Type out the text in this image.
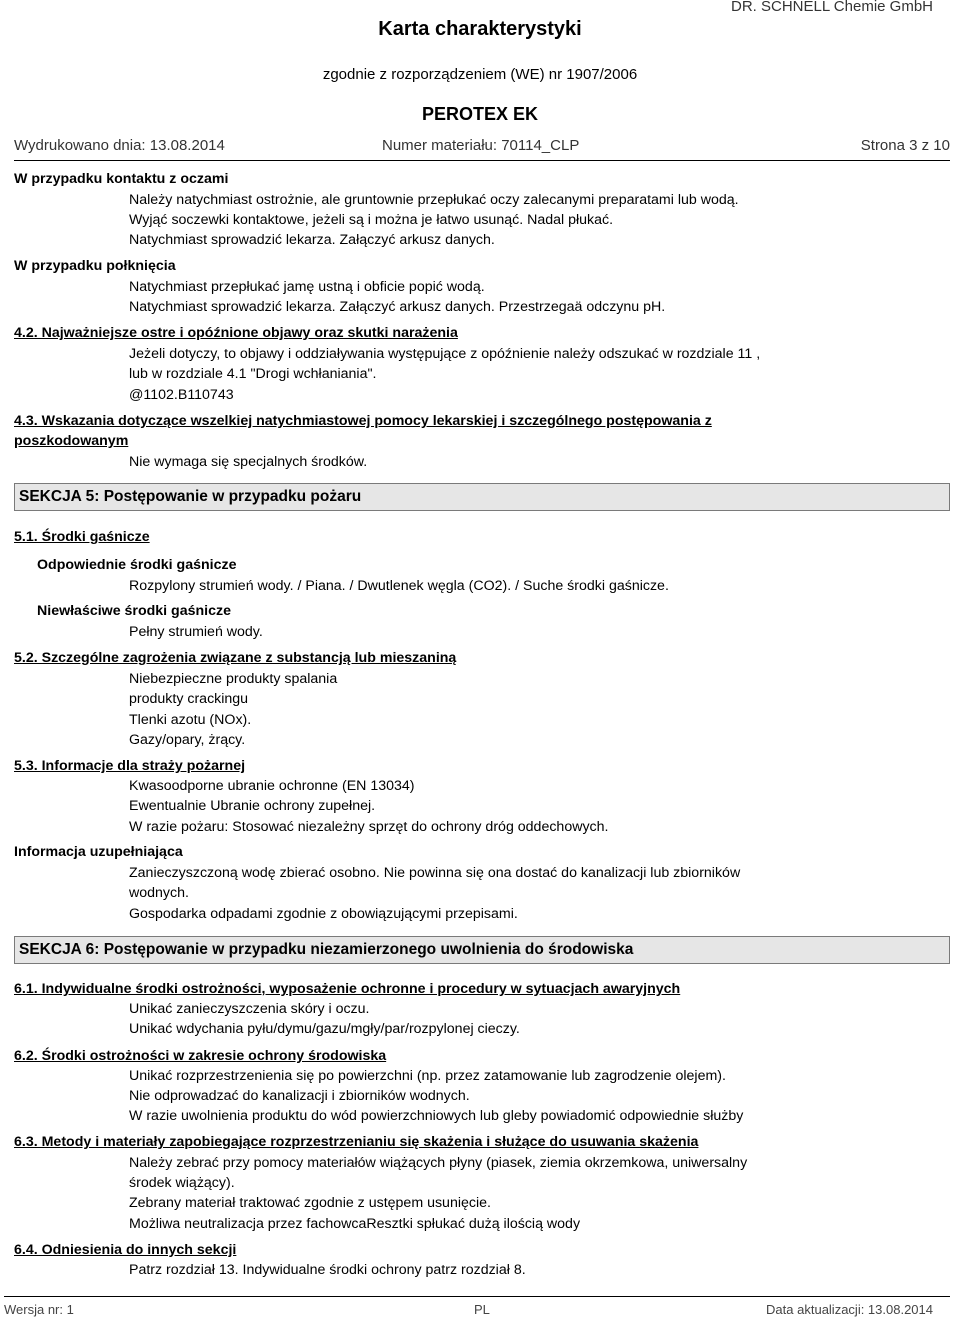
DR. SCHNELL Chemie GmbH
Karta charakterystyki
zgodnie z rozporządzeniem (WE) nr 1907/2006
PEROTEX EK
Wydrukowano dnia: 13.08.2014	Numer materiału: 70114_CLP	Strona 3 z 10
W przypadku kontaktu z oczami
Należy natychmiast ostrożnie, ale gruntownie przepłukać oczy zalecanymi preparatami lub wodą.
Wyjąć soczewki kontaktowe, jeżeli są i można je łatwo usunąć. Nadal płukać.
Natychmiast sprowadzić lekarza. Załączyć arkusz danych.
W przypadku połknięcia
Natychmiast przepłukać jamę ustną i obficie popić wodą.
Natychmiast sprowadzić lekarza. Załączyć arkusz danych. Przestrzegaä odczynu pH.
4.2. Najważniejsze ostre i opóźnione objawy oraz skutki narażenia
Jeżeli dotyczy, to objawy i oddziaływania występujące z opóźnienie należy odszukać w rozdziale 11 ,
lub w rozdziale 4.1 "Drogi wchłaniania".
@1102.B110743
4.3. Wskazania dotyczące wszelkiej natychmiastowej pomocy lekarskiej i szczególnego postępowania z
poszkodowanym
Nie wymaga się specjalnych środków.
SEKCJA 5: Postępowanie w przypadku pożaru
5.1. Środki gaśnicze
Odpowiednie środki gaśnicze
Rozpylony strumień wody. / Piana. / Dwutlenek węgla (CO2). / Suche środki gaśnicze.
Niewłaściwe środki gaśnicze
Pełny strumień wody.
5.2. Szczególne zagrożenia związane z substancją lub mieszaniną
Niebezpieczne produkty spalania
produkty crackingu
Tlenki azotu (NOx).
Gazy/opary, żrący.
5.3. Informacje dla straży pożarnej
Kwasoodporne ubranie ochronne (EN 13034)
Ewentualnie Ubranie ochrony zupełnej.
W razie pożaru: Stosować niezależny sprzęt do ochrony dróg oddechowych.
Informacja uzupełniająca
Zanieczyszczoną wodę zbierać osobno. Nie powinna się ona dostać do kanalizacji lub zbiorników
wodnych.
Gospodarka odpadami zgodnie z obowiązującymi przepisami.
SEKCJA 6: Postępowanie w przypadku niezamierzonego uwolnienia do środowiska
6.1. Indywidualne środki ostrożności, wyposażenie ochronne i procedury w sytuacjach awaryjnych
Unikać zanieczyszczenia skóry i oczu.
Unikać wdychania pyłu/dymu/gazu/mgły/par/rozpylonej cieczy.
6.2. Środki ostrożności w zakresie ochrony środowiska
Unikać rozprzestrzenienia się po powierzchni (np. przez zatamowanie lub zagrodzenie olejem).
Nie odprowadzać do kanalizacji i zbiorników wodnych.
W razie uwolnienia produktu do wód powierzchniowych lub gleby powiadomić odpowiednie służby
6.3. Metody i materiały zapobiegające rozprzestrzenianiu się skażenia i służące do usuwania skażenia
Należy zebrać przy pomocy materiałów wiążących płyny (piasek, ziemia okrzemkowa, uniwersalny
środek wiążący).
Zebrany materiał traktować zgodnie z ustępem usunięcie.
Możliwa neutralizacja przez fachowcaResztki spłukać dużą ilością wody
6.4. Odniesienia do innych sekcji
Patrz rozdział 13. Indywidualne środki ochrony patrz rozdział 8.
Wersja nr: 1	PL	Data aktualizacji: 13.08.2014
